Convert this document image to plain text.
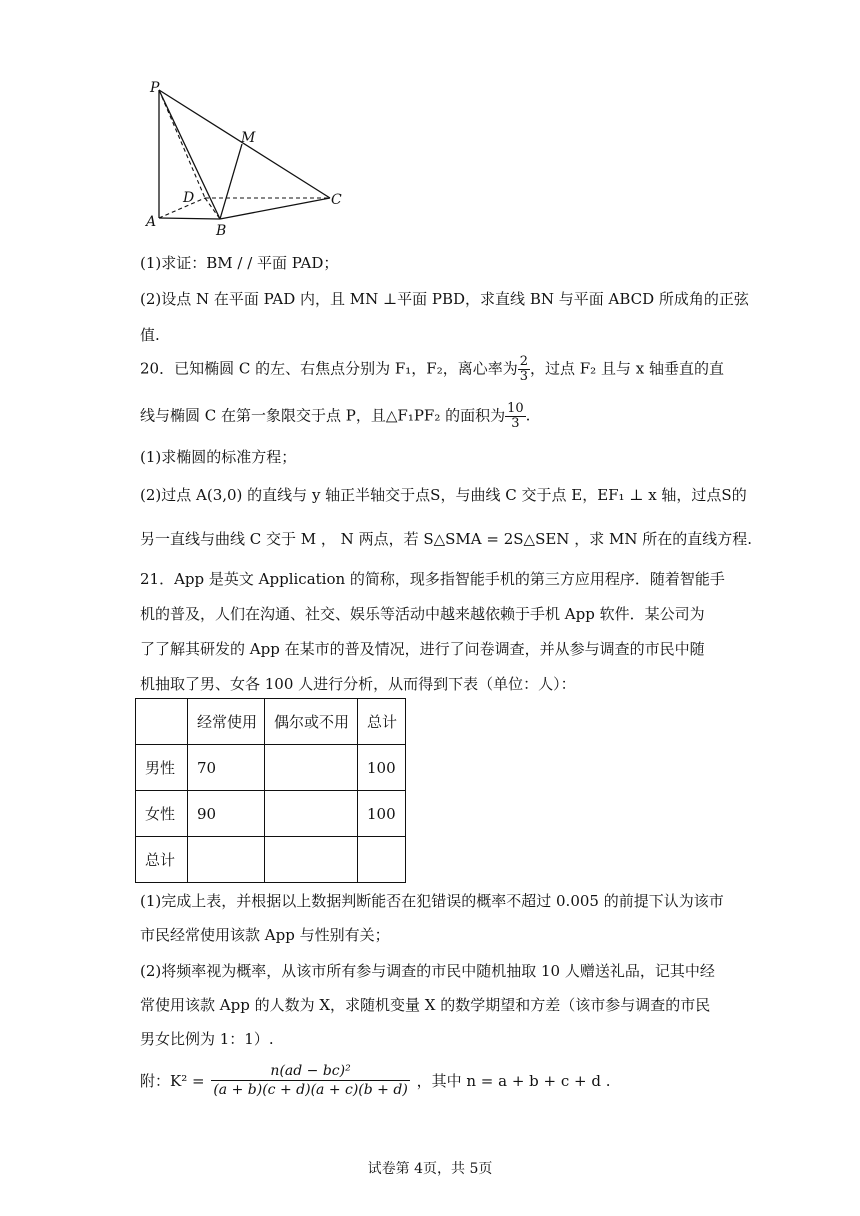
P
M
D	C
A
B
(1)求证：BM / / 平面 PAD；
(2)设点 N 在平面 PAD 内，且 MN ⊥平面 PBD，求直线 BN 与平面 ABCD 所成角的正弦
值.
20．已知椭圆 C 的左、右焦点分别为 F₁，F₂，离心率为 $\frac{2}{3}$ ，过点 F₂ 且与 x 轴垂直的直
线与椭圆 C 在第一象限交于点 P，且△F₁PF₂ 的面积为 $\frac{10}{3}$ .
(1)求椭圆的标准方程；
(2)过点 A(3,0) 的直线与 y 轴正半轴交于点S，与曲线 C 交于点 E，EF₁ ⊥ x 轴，过点S的
另一直线与曲线 C 交于 M ， N 两点，若 S△SMA = 2S△SEN ，求 MN 所在的直线方程.
21．App 是英文 Application 的简称，现多指智能手机的第三方应用程序．随着智能手
机的普及，人们在沟通、社交、娱乐等活动中越来越依赖于手机 App 软件．某公司为
了了解其研发的 App 在某市的普及情况，进行了问卷调查，并从参与调查的市民中随
机抽取了男、女各 100 人进行分析，从而得到下表（单位：人）：
	经常使用	偶尔或不用	总计
男性	70		100
女性	90		100
总计			
(1)完成上表，并根据以上数据判断能否在犯错误的概率不超过 0.005 的前提下认为该市
市民经常使用该款 App 与性别有关；
(2)将频率视为概率，从该市所有参与调查的市民中随机抽取 10 人赠送礼品，记其中经
常使用该款 App 的人数为 X，求随机变量 X 的数学期望和方差（该市参与调查的市民
男女比例为 1：1）.
附：$K^2 = \frac{\text{n(ad − bc)²}}{(a + b)(c + d)(a + c)(b + d)}$ ，其中 n = a + b + c + d .
试卷第 4页，共 5页
